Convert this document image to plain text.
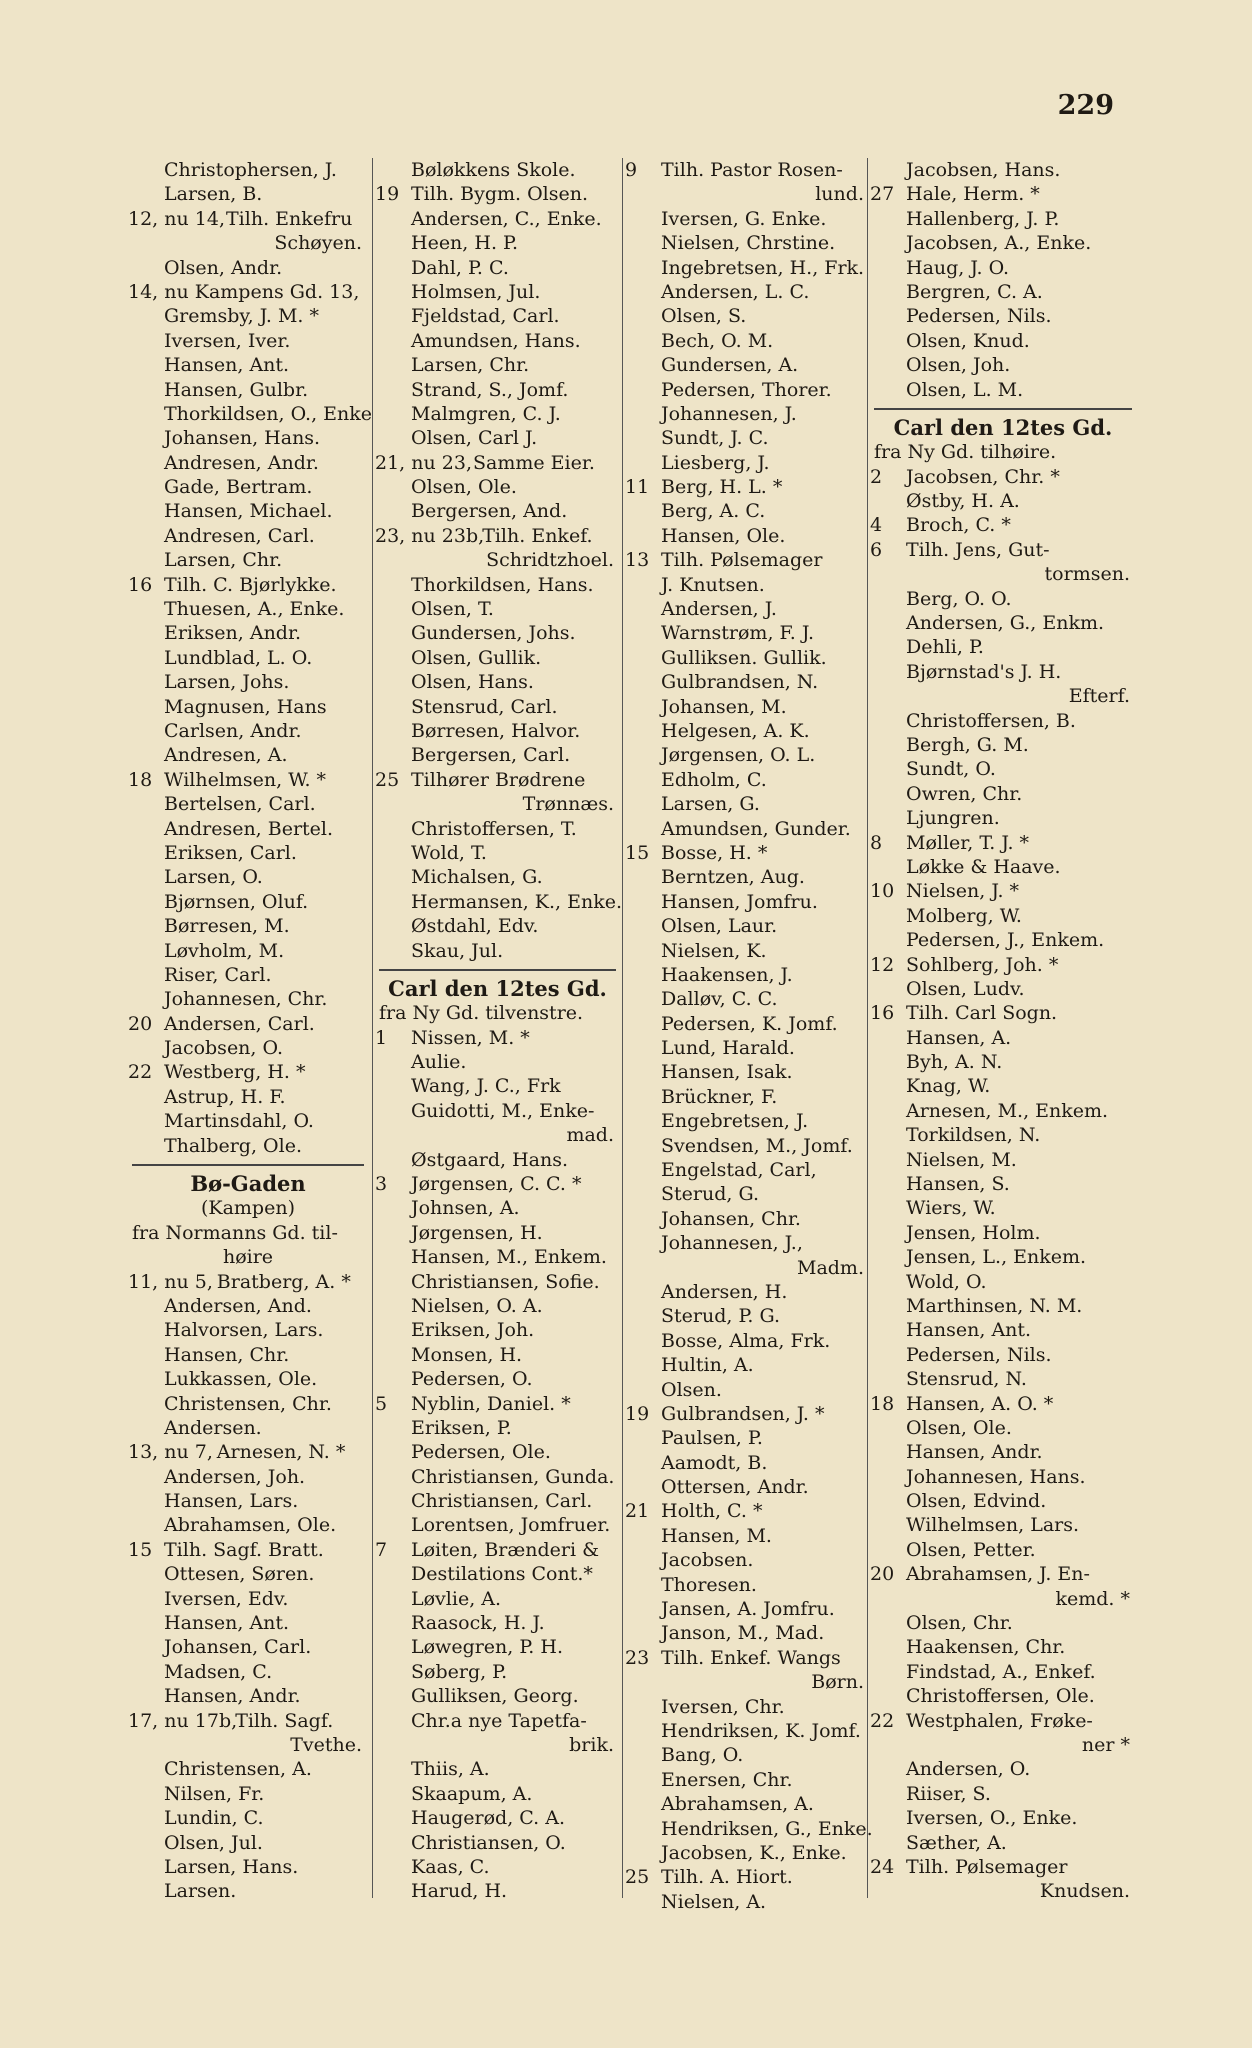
229
Christophersen, J.
Larsen, B.
12, nu 14, Tilh. Enkefru
Schøyen.
Olsen, Andr.
14, nu Kampens Gd. 13,
Gremsby, J. M. *
Iversen, Iver.
Hansen, Ant.
Hansen, Gulbr.
Thorkildsen, O., Enke
Johansen, Hans.
Andresen, Andr.
Gade, Bertram.
Hansen, Michael.
Andresen, Carl.
Larsen, Chr.
16 Tilh. C. Bjørlykke.
Thuesen, A., Enke.
Eriksen, Andr.
Lundblad, L. O.
Larsen, Johs.
Magnusen, Hans
Carlsen, Andr.
Andresen, A.
18 Wilhelmsen, W. *
Bertelsen, Carl.
Andresen, Bertel.
Eriksen, Carl.
Larsen, O.
Bjørnsen, Oluf.
Børresen, M.
Løvholm, M.
Riser, Carl.
Johannesen, Chr.
20 Andersen, Carl.
Jacobsen, O.
22 Westberg, H. *
Astrup, H. F.
Martinsdahl, O.
Thalberg, Ole.
Bø-Gaden
(Kampen)
fra Normanns Gd. til-
høire
11, nu 5, Bratberg, A. *
Andersen, And.
Halvorsen, Lars.
Hansen, Chr.
Lukkassen, Ole.
Christensen, Chr.
Andersen.
13, nu 7, Arnesen, N. *
Andersen, Joh.
Hansen, Lars.
Abrahamsen, Ole.
15 Tilh. Sagf. Bratt.
Ottesen, Søren.
Iversen, Edv.
Hansen, Ant.
Johansen, Carl.
Madsen, C.
Hansen, Andr.
17, nu 17b,
Tilh. Sagf.
Tvethe.
Christensen, A.
Nilsen, Fr.
Lundin, C.
Olsen, Jul.
Larsen, Hans.
Larsen.
Bøløkkens Skole.
19 Tilh. Bygm. Olsen.
Andersen, C., Enke.
Heen, H. P.
Dahl, P. C.
Holmsen, Jul.
Fjeldstad, Carl.
Amundsen, Hans.
Larsen, Chr.
Strand, S., Jomf.
Malmgren, C. J.
Olsen, Carl J.
21, nu 23, Samme Eier.
Olsen, Ole.
Bergersen, And.
23, nu 23b,
Tilh. Enkef.
Schridtzhoel.
Thorkildsen, Hans.
Olsen, T.
Gundersen, Johs.
Olsen, Gullik.
Olsen, Hans.
Stensrud, Carl.
Børresen, Halvor.
Bergersen, Carl.
25 Tilhører Brødrene
Trønnæs.
Christoffersen, T.
Wold, T.
Michalsen, G.
Hermansen, K., Enke.
Østdahl, Edv.
Skau, Jul.
Carl den 12tes Gd.
fra Ny Gd. tilvenstre.
1 Nissen, M. *
Aulie.
Wang, J. C., Frk
Guidotti, M., Enke-
mad.
Østgaard, Hans.
3 Jørgensen, C. C. *
Johnsen, A.
Jørgensen, H.
Hansen, M., Enkem.
Christiansen, Sofie.
Nielsen, O. A.
Eriksen, Joh.
Monsen, H.
Pedersen, O.
5 Nyblin, Daniel. *
Eriksen, P.
Pedersen, Ole.
Christiansen, Gunda.
Christiansen, Carl.
Lorentsen, Jomfruer.
7 Løiten, Brænderi &
Destilations Cont.*
Løvlie, A.
Raasock, H. J.
Løwegren, P. H.
Søberg, P.
Gulliksen, Georg.
Chr.a nye Tapetfa-
brik.
Thiis, A.
Skaapum, A.
Haugerød, C. A.
Christiansen, O.
Kaas, C.
Harud, H.
9 Tilh. Pastor Rosen-
lund.
Iversen, G. Enke.
Nielsen, Chrstine.
Ingebretsen, H., Frk.
Andersen, L. C.
Olsen, S.
Bech, O. M.
Gundersen, A.
Pedersen, Thorer.
Johannesen, J.
Sundt, J. C.
Liesberg, J.
11 Berg, H. L. *
Berg, A. C.
Hansen, Ole.
13 Tilh. Pølsemager
J. Knutsen.
Andersen, J.
Warnstrøm, F. J.
Gulliksen. Gullik.
Gulbrandsen, N.
Johansen, M.
Helgesen, A. K.
Jørgensen, O. L.
Edholm, C.
Larsen, G.
Amundsen, Gunder.
15 Bosse, H. *
Berntzen, Aug.
Hansen, Jomfru.
Olsen, Laur.
Nielsen, K.
Haakensen, J.
Dalløv, C. C.
Pedersen, K. Jomf.
Lund, Harald.
Hansen, Isak.
Brückner, F.
Engebretsen, J.
Svendsen, M., Jomf.
Engelstad, Carl,
Sterud, G.
Johansen, Chr.
Johannesen, J.,
Madm.
Andersen, H.
Sterud, P. G.
Bosse, Alma, Frk.
Hultin, A.
Olsen.
19 Gulbrandsen, J. *
Paulsen, P.
Aamodt, B.
Ottersen, Andr.
21 Holth, C. *
Hansen, M.
Jacobsen.
Thoresen.
Jansen, A. Jomfru.
Janson, M., Mad.
23 Tilh. Enkef. Wangs
Børn.
Iversen, Chr.
Hendriksen, K. Jomf.
Bang, O.
Enersen, Chr.
Abrahamsen, A.
Hendriksen, G., Enke.
Jacobsen, K., Enke.
25 Tilh. A. Hiort.
Nielsen, A.
Jacobsen, Hans.
27 Hale, Herm. *
Hallenberg, J. P.
Jacobsen, A., Enke.
Haug, J. O.
Bergren, C. A.
Pedersen, Nils.
Olsen, Knud.
Olsen, Joh.
Olsen, L. M.
Carl den 12tes Gd.
fra Ny Gd. tilhøire.
2 Jacobsen, Chr. *
Østby, H. A.
4 Broch, C. *
6 Tilh. Jens, Gut-
tormsen.
Berg, O. O.
Andersen, G., Enkm.
Dehli, P.
Bjørnstad's J. H.
Efterf.
Christoffersen, B.
Bergh, G. M.
Sundt, O.
Owren, Chr.
Ljungren.
8 Møller, T. J. *
Løkke & Haave.
10 Nielsen, J. *
Molberg, W.
Pedersen, J., Enkem.
12 Sohlberg, Joh. *
Olsen, Ludv.
16 Tilh. Carl Sogn.
Hansen, A.
Byh, A. N.
Knag, W.
Arnesen, M., Enkem.
Torkildsen, N.
Nielsen, M.
Hansen, S.
Wiers, W.
Jensen, Holm.
Jensen, L., Enkem.
Wold, O.
Marthinsen, N. M.
Hansen, Ant.
Pedersen, Nils.
Stensrud, N.
18 Hansen, A. O. *
Olsen, Ole.
Hansen, Andr.
Johannesen, Hans.
Olsen, Edvind.
Wilhelmsen, Lars.
Olsen, Petter.
20 Abrahamsen, J. En-
kemd. *
Olsen, Chr.
Haakensen, Chr.
Findstad, A., Enkef.
Christoffersen, Ole.
22 Westphalen, Frøke-
ner *
Andersen, O.
Riiser, S.
Iversen, O., Enke.
Sæther, A.
24 Tilh. Pølsemager
Knudsen.
